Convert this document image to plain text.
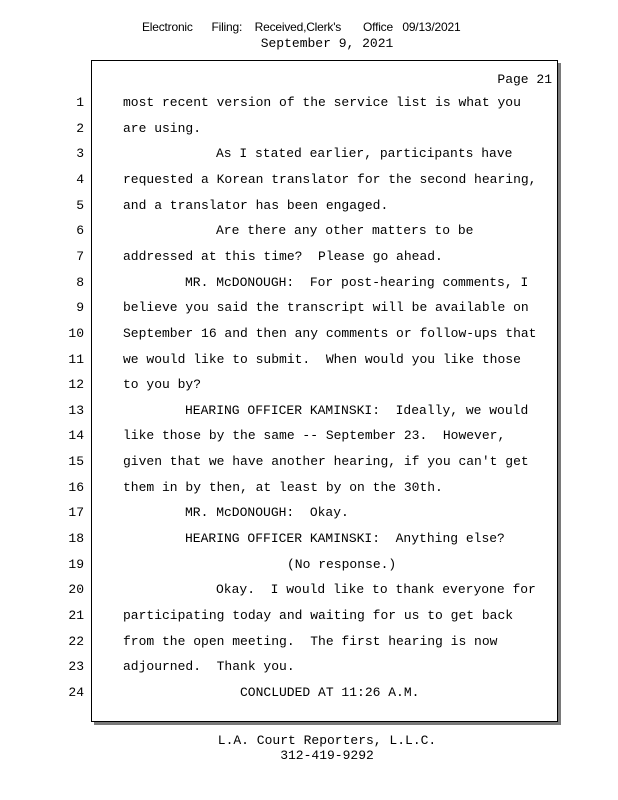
Electronic      Filing:    Received,Clerk's       Office   09/13/2021
September 9, 2021
Page 21
1	most recent version of the service list is what you
2	are using.
3	As I stated earlier, participants have
4	requested a Korean translator for the second hearing,
5	and a translator has been engaged.
6	Are there any other matters to be
7	addressed at this time?  Please go ahead.
8	MR. McDONOUGH:  For post-hearing comments, I
9	believe you said the transcript will be available on
10	September 16 and then any comments or follow-ups that
11	we would like to submit.  When would you like those
12	to you by?
13	HEARING OFFICER KAMINSKI:  Ideally, we would
14	like those by the same -- September 23.  However,
15	given that we have another hearing, if you can't get
16	them in by then, at least by on the 30th.
17	MR. McDONOUGH:  Okay.
18	HEARING OFFICER KAMINSKI:  Anything else?
19	(No response.)
20	Okay.  I would like to thank everyone for
21	participating today and waiting for us to get back
22	from the open meeting.  The first hearing is now
23	adjourned.  Thank you.
24	CONCLUDED AT 11:26 A.M.
L.A. Court Reporters, L.L.C.
312-419-9292
